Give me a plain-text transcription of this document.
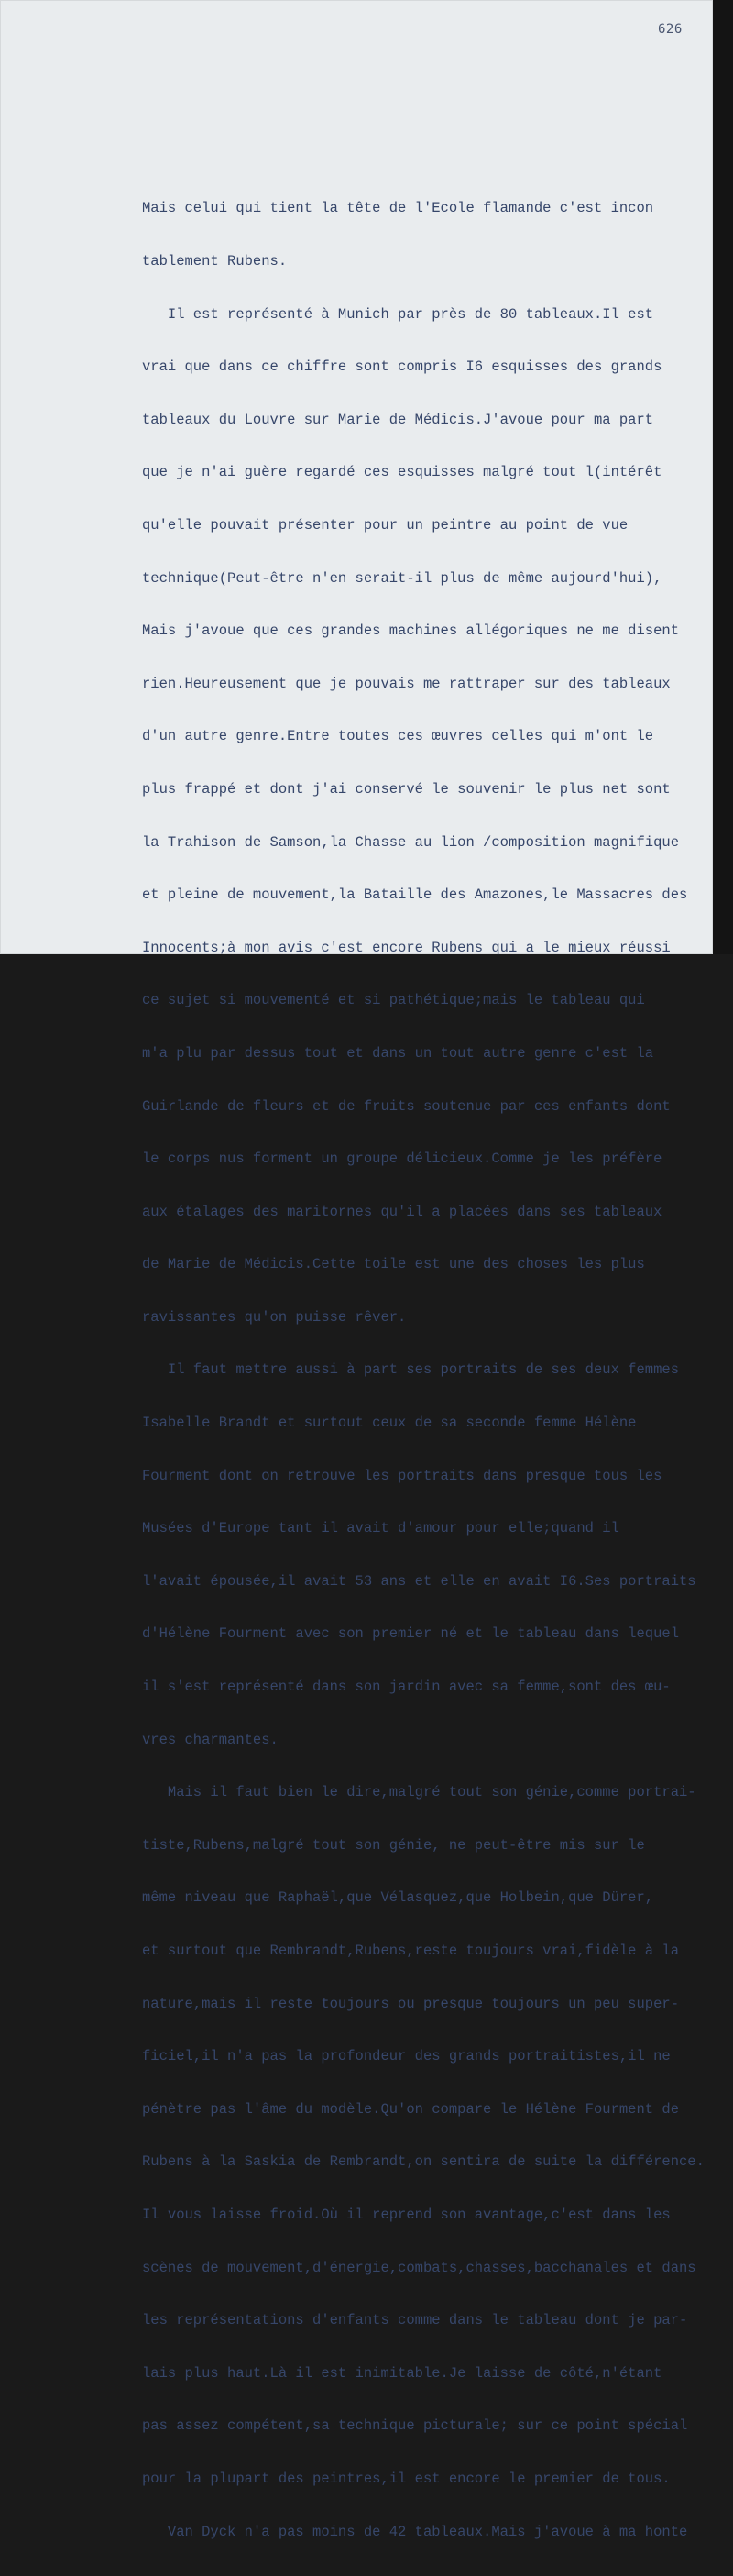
626

Mais celui qui tient la tête de l'Ecole flamande c'est incon

tablement Rubens.

Il est représenté à Munich par près de 80 tableaux.Il est

vrai que dans ce chiffre sont compris I6 esquisses des grands

tableaux du Louvre sur Marie de Médicis.J'avoue pour ma part

que je n'ai guère regardé ces esquisses malgré tout l(intérêt

qu'elle pouvait présenter pour un peintre au point de vue

technique(Peut-être n'en serait-il plus de même aujourd'hui),

Mais j'avoue que ces grandes machines allégoriques ne me disent

rien.Heureusement que je pouvais me rattraper sur des tableaux

d'un autre genre.Entre toutes ces œuvres celles qui m'ont le

plus frappé et dont j'ai conservé le souvenir le plus net sont

la Trahison de Samson,la Chasse au lion /composition magnifique

et pleine de mouvement,la Bataille des Amazones,le Massacres des

Innocents;à mon avis c'est encore Rubens qui a le mieux réussi

ce sujet si mouvementé et si pathétique;mais le tableau qui

m'a plu par dessus tout et dans un tout autre genre c'est la

Guirlande de fleurs et de fruits soutenue par ces enfants dont

le corps nus forment un groupe délicieux.Comme je les préfère

aux étalages des maritornes qu'il a placées dans ses tableaux

de Marie de Médicis.Cette toile est une des choses les plus

ravissantes qu'on puisse rêver.

Il faut mettre aussi à part ses portraits de ses deux femmes

Isabelle Brandt et surtout ceux de sa seconde femme Hélène

Fourment dont on retrouve les portraits dans presque tous les

Musées d'Europe tant il avait d'amour pour elle;quand il

l'avait épousée,il avait 53 ans et elle en avait I6.Ses portraits

d'Hélène Fourment avec son premier né et le tableau dans lequel

il s'est représenté dans son jardin avec sa femme,sont des œu-

vres charmantes.

Mais il faut bien le dire,malgré tout son génie,comme portrai-

tiste,Rubens,malgré tout son génie, ne peut-être mis sur le

même niveau que Raphaël,que Vélasquez,que Holbein,que Dürer,

et surtout que Rembrandt,Rubens,reste toujours vrai,fidèle à la

nature,mais il reste toujours ou presque toujours un peu super-

ficiel,il n'a pas la profondeur des grands portraitistes,il ne

pénètre pas l'âme du modèle.Qu'on compare le Hélène Fourment de

Rubens à la Saskia de Rembrandt,on sentira de suite la différence.

Il vous laisse froid.Où il reprend son avantage,c'est dans les

scènes de mouvement,d'énergie,combats,chasses,bacchanales et dans

les représentations d'enfants comme dans le tableau dont je par-

lais plus haut.Là il est inimitable.Je laisse de côté,n'étant

pas assez compétent,sa technique picturale; sur ce point spécial

pour la plupart des peintres,il est encore le premier de tous.

Van Dyck n'a pas moins de 42 tableaux.Mais j'avoue à ma honte
